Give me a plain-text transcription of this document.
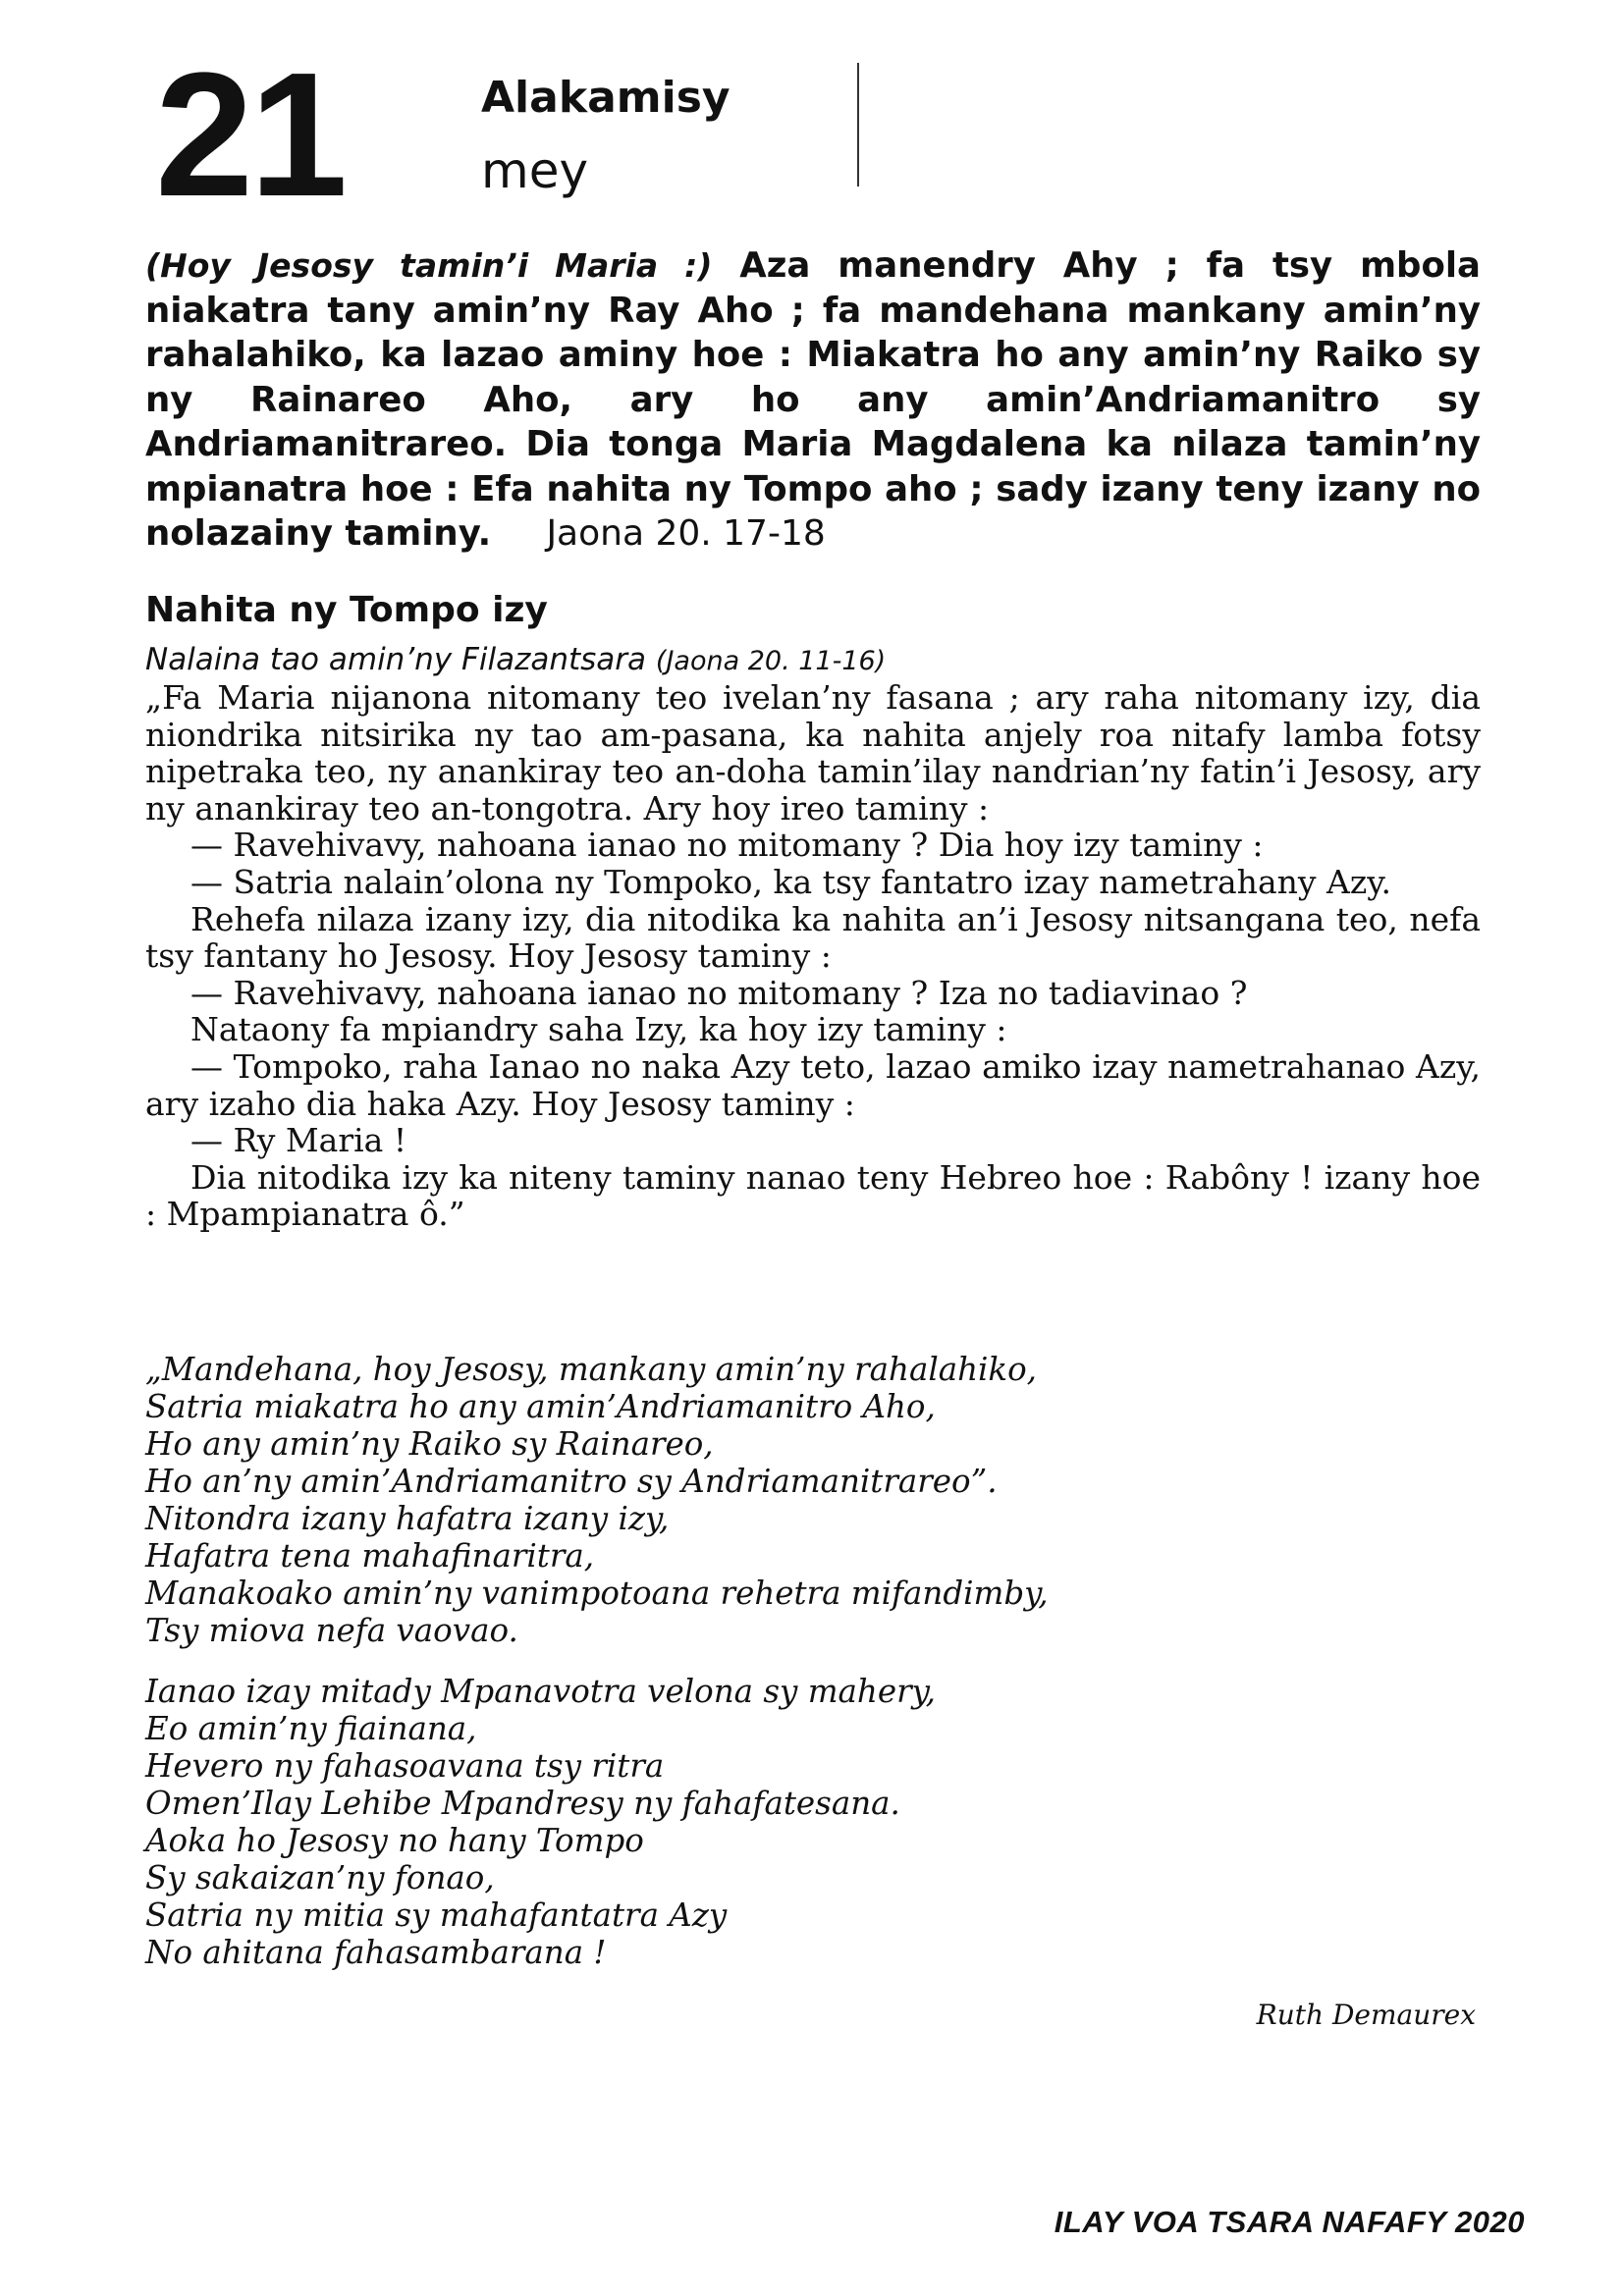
21	Alakamisy
mey

(Hoy Jesosy tamin’i Maria :) Aza manendry Ahy ; fa tsy mbola niakatra tany amin’ny Ray Aho ; fa mandehana mankany amin’ny rahalahiko, ka lazao aminy hoe : Miakatra ho any amin’ny Raiko sy ny Rainareo Aho, ary ho any amin’Andriamanitro sy Andriamanitrareo. Dia tonga Maria Magdalena ka nilaza tamin’ny mpianatra hoe : Efa nahita ny Tompo aho ; sady izany teny izany no nolazainy taminy. Jaona 20. 17-18

Nahita ny Tompo izy

Nalaina tao amin’ny Filazantsara (Jaona 20. 11-16)

„Fa Maria nijanona nitomany teo ivelan’ny fasana ; ary raha nitomany izy, dia niondrika nitsirika ny tao am-pasana, ka nahita anjely roa nitafy lamba fotsy nipetraka teo, ny anankiray teo an-doha tamin’ilay nandrian’ny fatin’i Jesosy, ary ny anankiray teo an-tongotra. Ary hoy ireo taminy :

— Ravehivavy, nahoana ianao no mitomany ? Dia hoy izy taminy :

— Satria nalain’olona ny Tompoko, ka tsy fantatro izay nametrahany Azy.

Rehefa nilaza izany izy, dia nitodika ka nahita an’i Jesosy nitsangana teo, nefa tsy fantany ho Jesosy. Hoy Jesosy taminy :

— Ravehivavy, nahoana ianao no mitomany ? Iza no tadiavinao ?

Nataony fa mpiandry saha Izy, ka hoy izy taminy :

— Tompoko, raha Ianao no naka Azy teto, lazao amiko izay nametrahanao Azy, ary izaho dia haka Azy. Hoy Jesosy taminy :

— Ry Maria !

Dia nitodika izy ka niteny taminy nanao teny Hebreo hoe : Rabôny ! izany hoe : Mpampianatra ô.”

„Mandehana, hoy Jesosy, mankany amin’ny rahalahiko,
Satria miakatra ho any amin’Andriamanitro Aho,
Ho any amin’ny Raiko sy Rainareo,
Ho an’ny amin’Andriamanitro sy Andriamanitrareo”.
Nitondra izany hafatra izany izy,
Hafatra tena mahafinaritra,
Manakoako amin’ny vanimpotoana rehetra mifandimby,
Tsy miova nefa vaovao.
Ianao izay mitady Mpanavotra velona sy mahery,
Eo amin’ny fiainana,
Hevero ny fahasoavana tsy ritra
Omen’Ilay Lehibe Mpandresy ny fahafatesana.
Aoka ho Jesosy no hany Tompo
Sy sakaizan’ny fonao,
Satria ny mitia sy mahafantatra Azy
No ahitana fahasambarana !
Ruth Demaurex
ILAY VOA TSARA NAFAFY 2020
